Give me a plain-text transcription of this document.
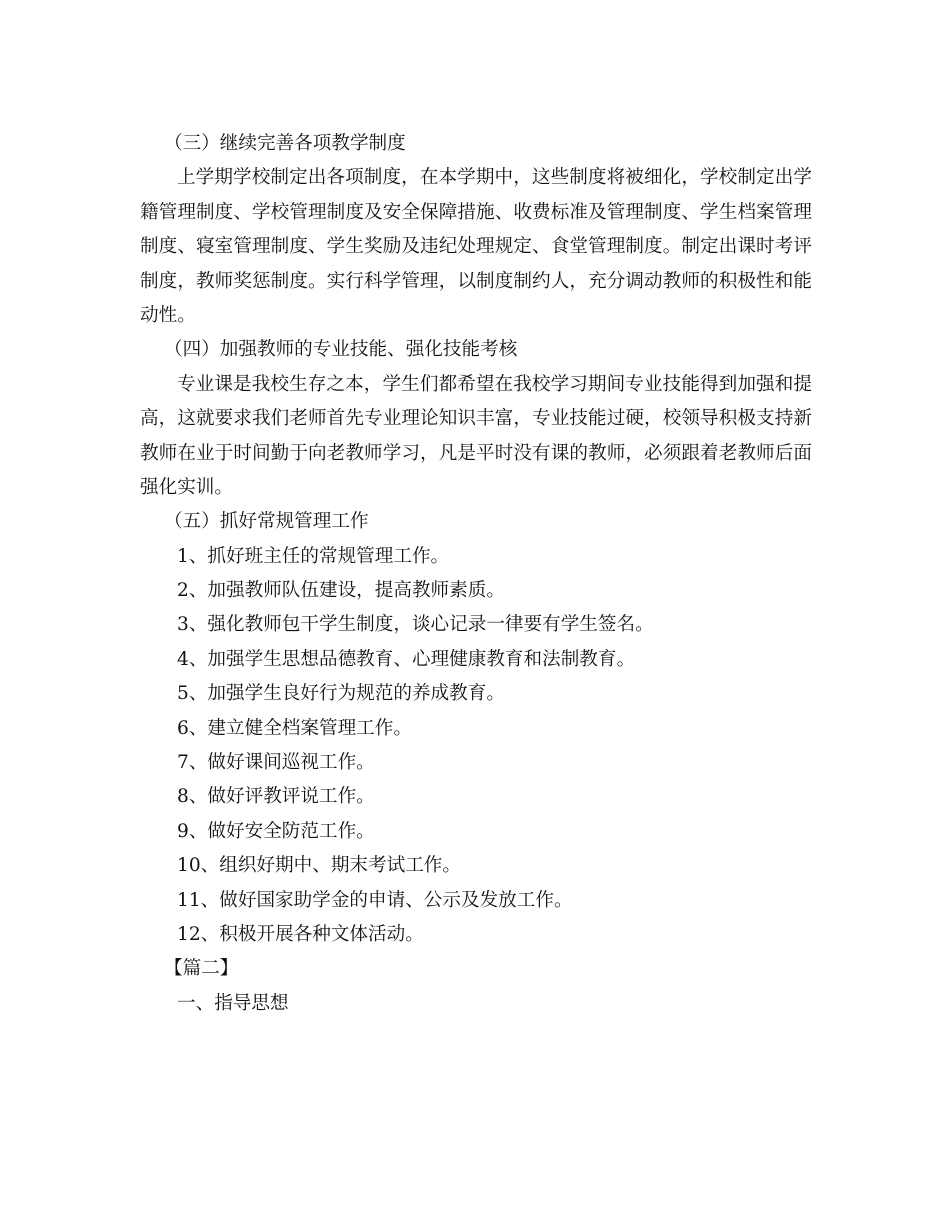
（三）继续完善各项教学制度
上学期学校制定出各项制度，在本学期中，这些制度将被细化，学校制定出学
籍管理制度、学校管理制度及安全保障措施、收费标准及管理制度、学生档案管理
制度、寝室管理制度、学生奖励及违纪处理规定、食堂管理制度。制定出课时考评
制度，教师奖惩制度。实行科学管理，以制度制约人，充分调动教师的积极性和能
动性。
（四）加强教师的专业技能、强化技能考核
专业课是我校生存之本，学生们都希望在我校学习期间专业技能得到加强和提
高，这就要求我们老师首先专业理论知识丰富，专业技能过硬，校领导积极支持新
教师在业于时间勤于向老教师学习，凡是平时没有课的教师，必须跟着老教师后面
强化实训。
（五）抓好常规管理工作
1、抓好班主任的常规管理工作。
2、加强教师队伍建设，提高教师素质。
3、强化教师包干学生制度，谈心记录一律要有学生签名。
4、加强学生思想品德教育、心理健康教育和法制教育。
5、加强学生良好行为规范的养成教育。
6、建立健全档案管理工作。
7、做好课间巡视工作。
8、做好评教评说工作。
9、做好安全防范工作。
10、组织好期中、期末考试工作。
11、做好国家助学金的申请、公示及发放工作。
12、积极开展各种文体活动。
【篇二】
一、指导思想
